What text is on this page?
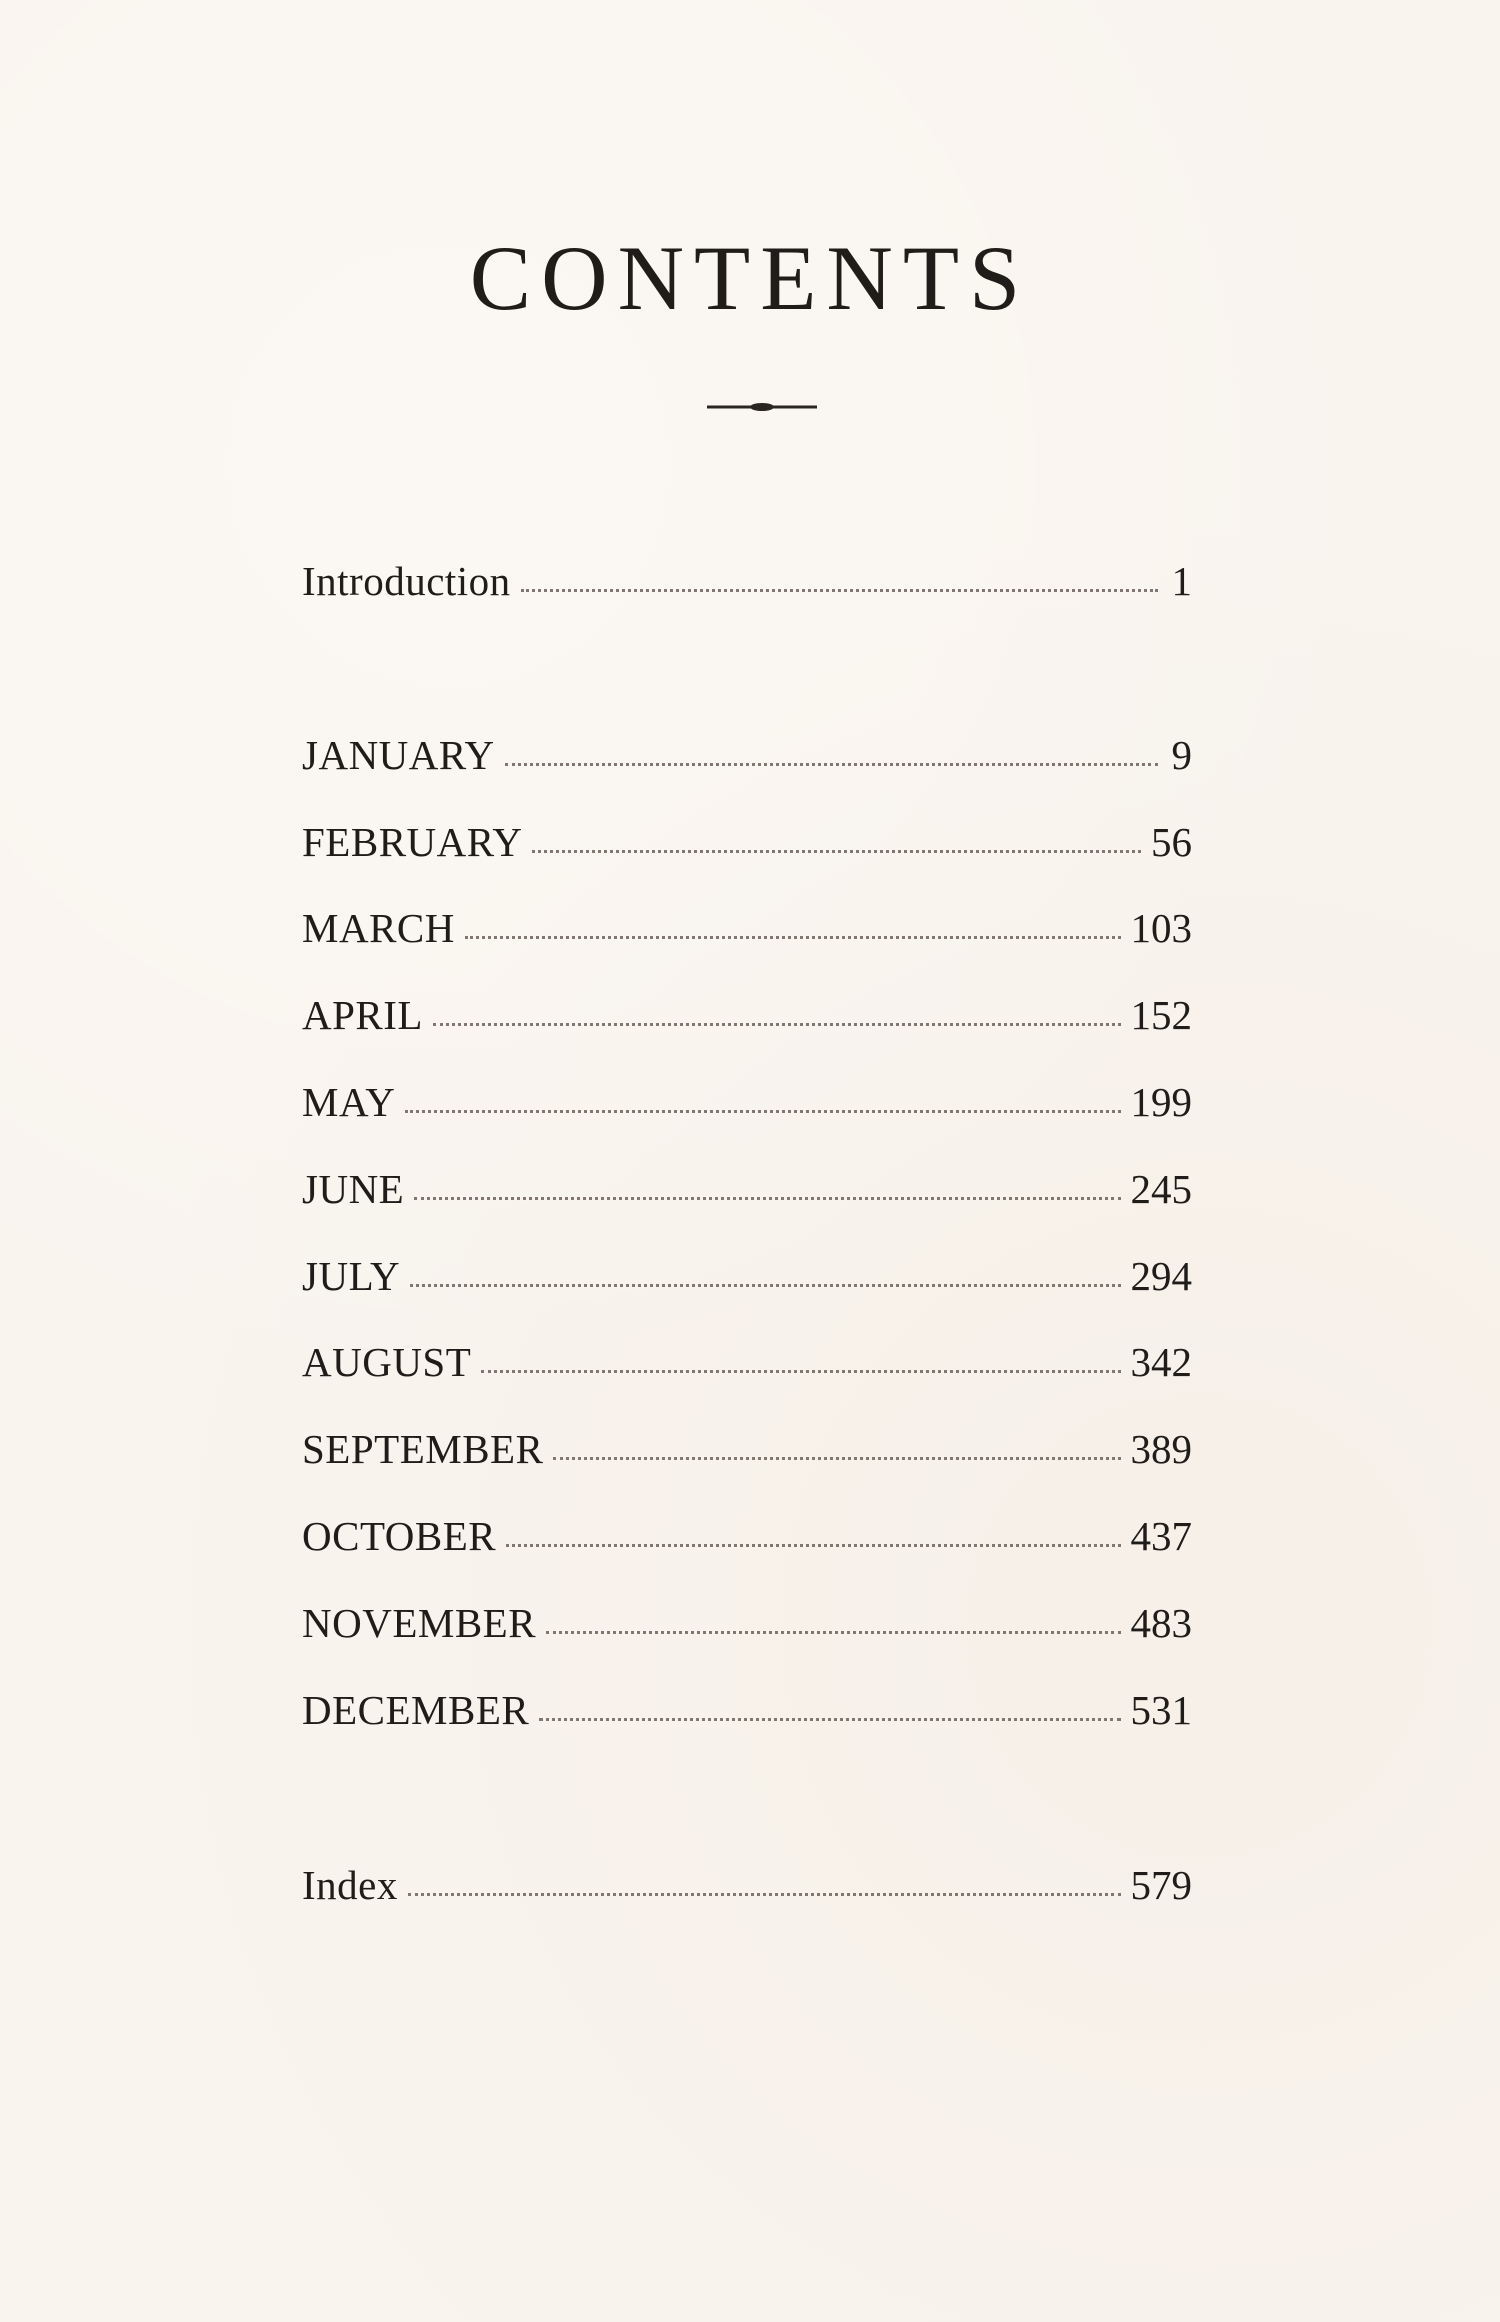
CONTENTS
Introduction	1
JANUARY	9
FEBRUARY	56
MARCH	103
APRIL	152
MAY	199
JUNE	245
JULY	294
AUGUST	342
SEPTEMBER	389
OCTOBER	437
NOVEMBER	483
DECEMBER	531
Index	579
